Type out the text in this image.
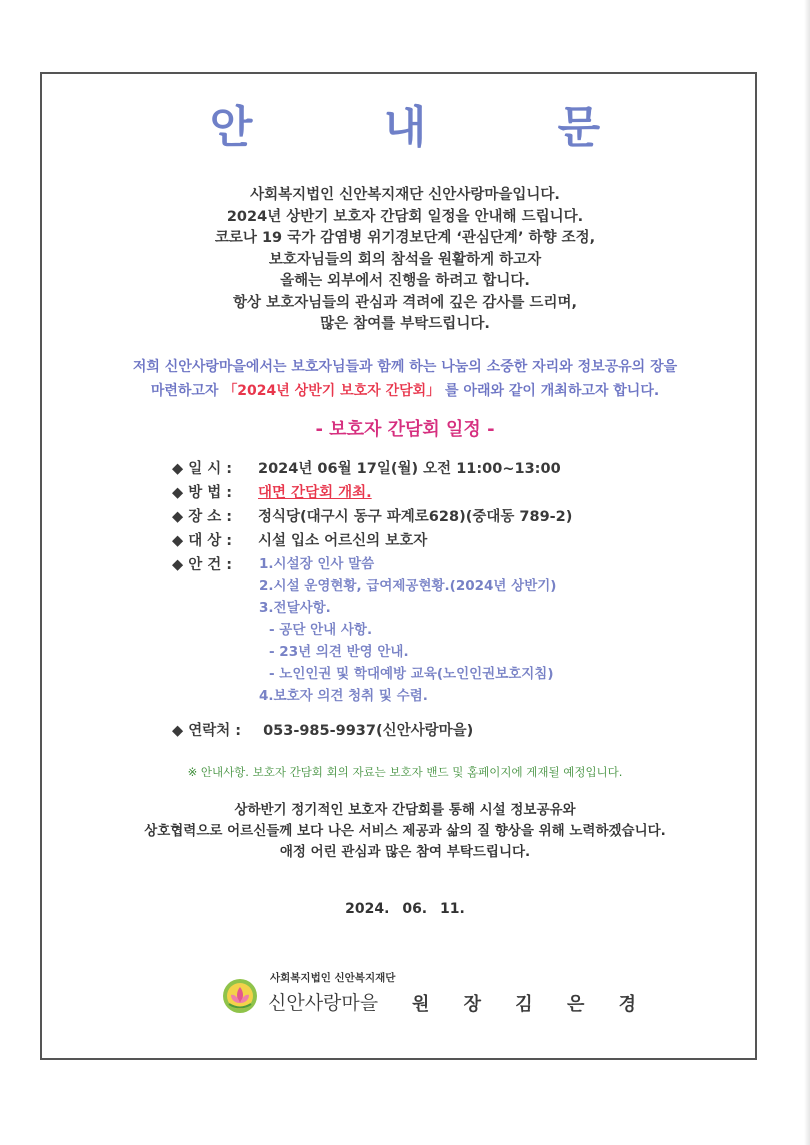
안 내 문
사회복지법인 신안복지재단 신안사랑마을입니다.
2024년 상반기 보호자 간담회 일정을 안내해 드립니다.
코로나 19 국가 감염병 위기경보단계 ‘관심단계’ 하향 조정,
보호자님들의 회의 참석을 원활하게 하고자
올해는 외부에서 진행을 하려고 합니다.
항상 보호자님들의 관심과 격려에 깊은 감사를 드리며,
많은 참여를 부탁드립니다.
저희 신안사랑마을에서는 보호자님들과 함께 하는 나눔의 소중한 자리와 정보공유의 장을
마련하고자 「2024년 상반기 보호자 간담회」 를 아래와 같이 개최하고자 합니다.
- 보호자 간담회 일정 -
◆ 일 시 :	2024년 06월 17일(월) 오전 11:00~13:00
◆ 방 법 :	대면 간담회 개최.
◆ 장 소 :	정식당(대구시 동구 파계로628)(중대동 789-2)
◆ 대 상 :	시설 입소 어르신의 보호자
◆ 안 건 :	1.시설장 인사 말씀
2.시설 운영현황, 급여제공현황.(2024년 상반기)
3.전달사항.
- 공단 안내 사항.
- 23년 의견 반영 안내.
- 노인인권 및 학대예방 교육(노인인권보호지침)
4.보호자 의견 청취 및 수렴.
◆ 연락처 : 053-985-9937(신안사랑마을)
※ 안내사항. 보호자 간담회 회의 자료는 보호자 밴드 및 홈페이지에 게재될 예정입니다.
상하반기 정기적인 보호자 간담회를 통해 시설 정보공유와
상호협력으로 어르신들께 보다 나은 서비스 제공과 삶의 질 향상을 위해 노력하겠습니다.
애정 어린 관심과 많은 참여 부탁드립니다.
2024. 06. 11.
사회복지법인 신안복지재단
신안사랑마을 원 장 김 은 경
